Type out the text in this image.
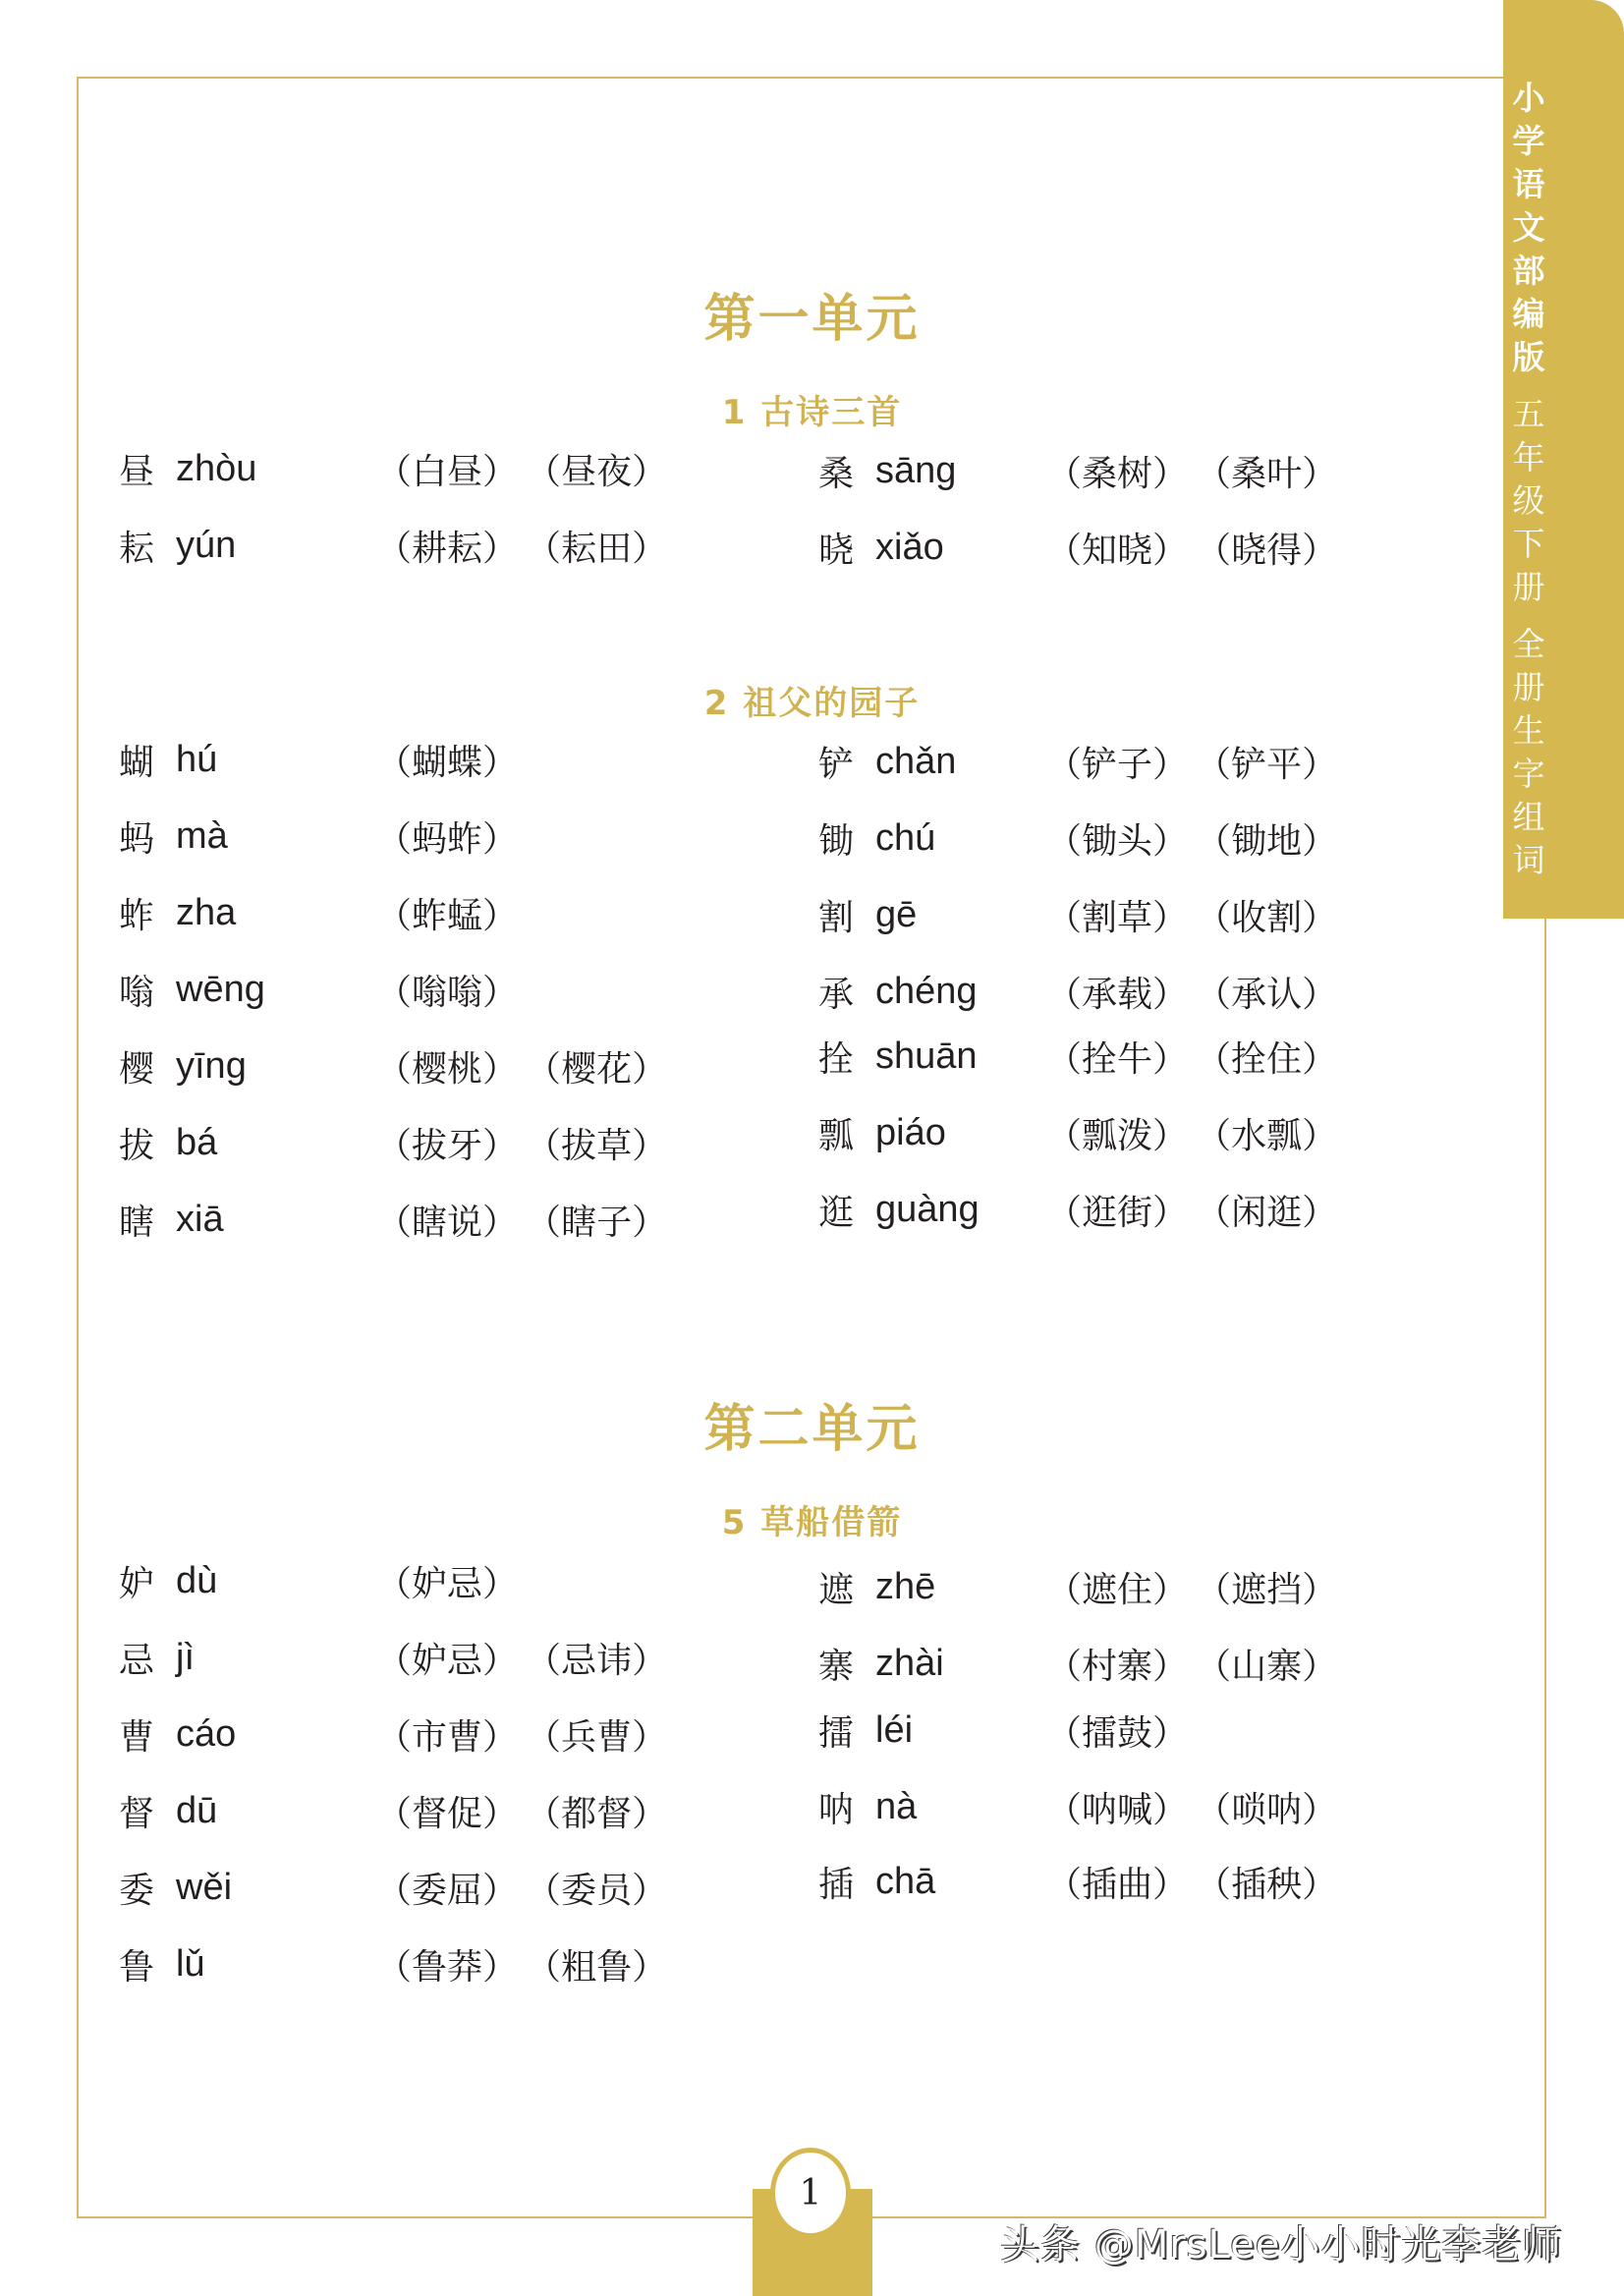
小
学
语
文
部
编
版
五
年
级
下
册
全
册
生
字
组
词
第一单元
1 古诗三首
昼 zhòu	（ 白昼 ）	（ 昼夜 ）
耘 yún	（ 耕耘 ）	（ 耘田 ）
桑 sāng	（ 桑树 ）	（ 桑叶 ）
晓 xiǎo	（ 知晓 ）	（ 晓得 ）
2 祖父的园子
蝴 hú	（ 蝴蝶 ）
蚂 mà	（ 蚂蚱 ）
蚱 zha	（ 蚱蜢 ）
嗡 wēng	（ 嗡嗡 ）
樱 yīng	（ 樱桃 ）	（ 樱花 ）
拔 bá	（ 拔牙 ）	（ 拔草 ）
瞎 xiā	（ 瞎说 ）	（ 瞎子 ）
铲 chǎn	（ 铲子 ）	（ 铲平 ）
锄 chú	（ 锄头 ）	（ 锄地 ）
割 gē	（ 割草 ）	（ 收割 ）
承 chéng	（ 承载 ）	（ 承认 ）
拴 shuān	（ 拴牛 ）	（ 拴住 ）
瓢 piáo	（ 瓢泼 ）	（ 水瓢 ）
逛 guàng	（ 逛街 ）	（ 闲逛 ）
第二单元
5 草船借箭
妒 dù	（ 妒忌 ）
忌 jì	（ 妒忌 ）	（ 忌讳 ）
曹 cáo	（ 市曹 ）	（ 兵曹 ）
督 dū	（ 督促 ）	（ 都督 ）
委 wěi	（ 委屈 ）	（ 委员 ）
鲁 lǔ	（ 鲁莽 ）	（ 粗鲁 ）
遮 zhē	（ 遮住 ）	（ 遮挡 ）
寨 zhài	（ 村寨 ）	（ 山寨 ）
擂 léi	（ 擂鼓 ）
呐 nà	（ 呐喊 ）	（ 唢呐 ）
插 chā	（ 插曲 ）	（ 插秧 ）
1
头条 @MrsLee小小时光李老师
